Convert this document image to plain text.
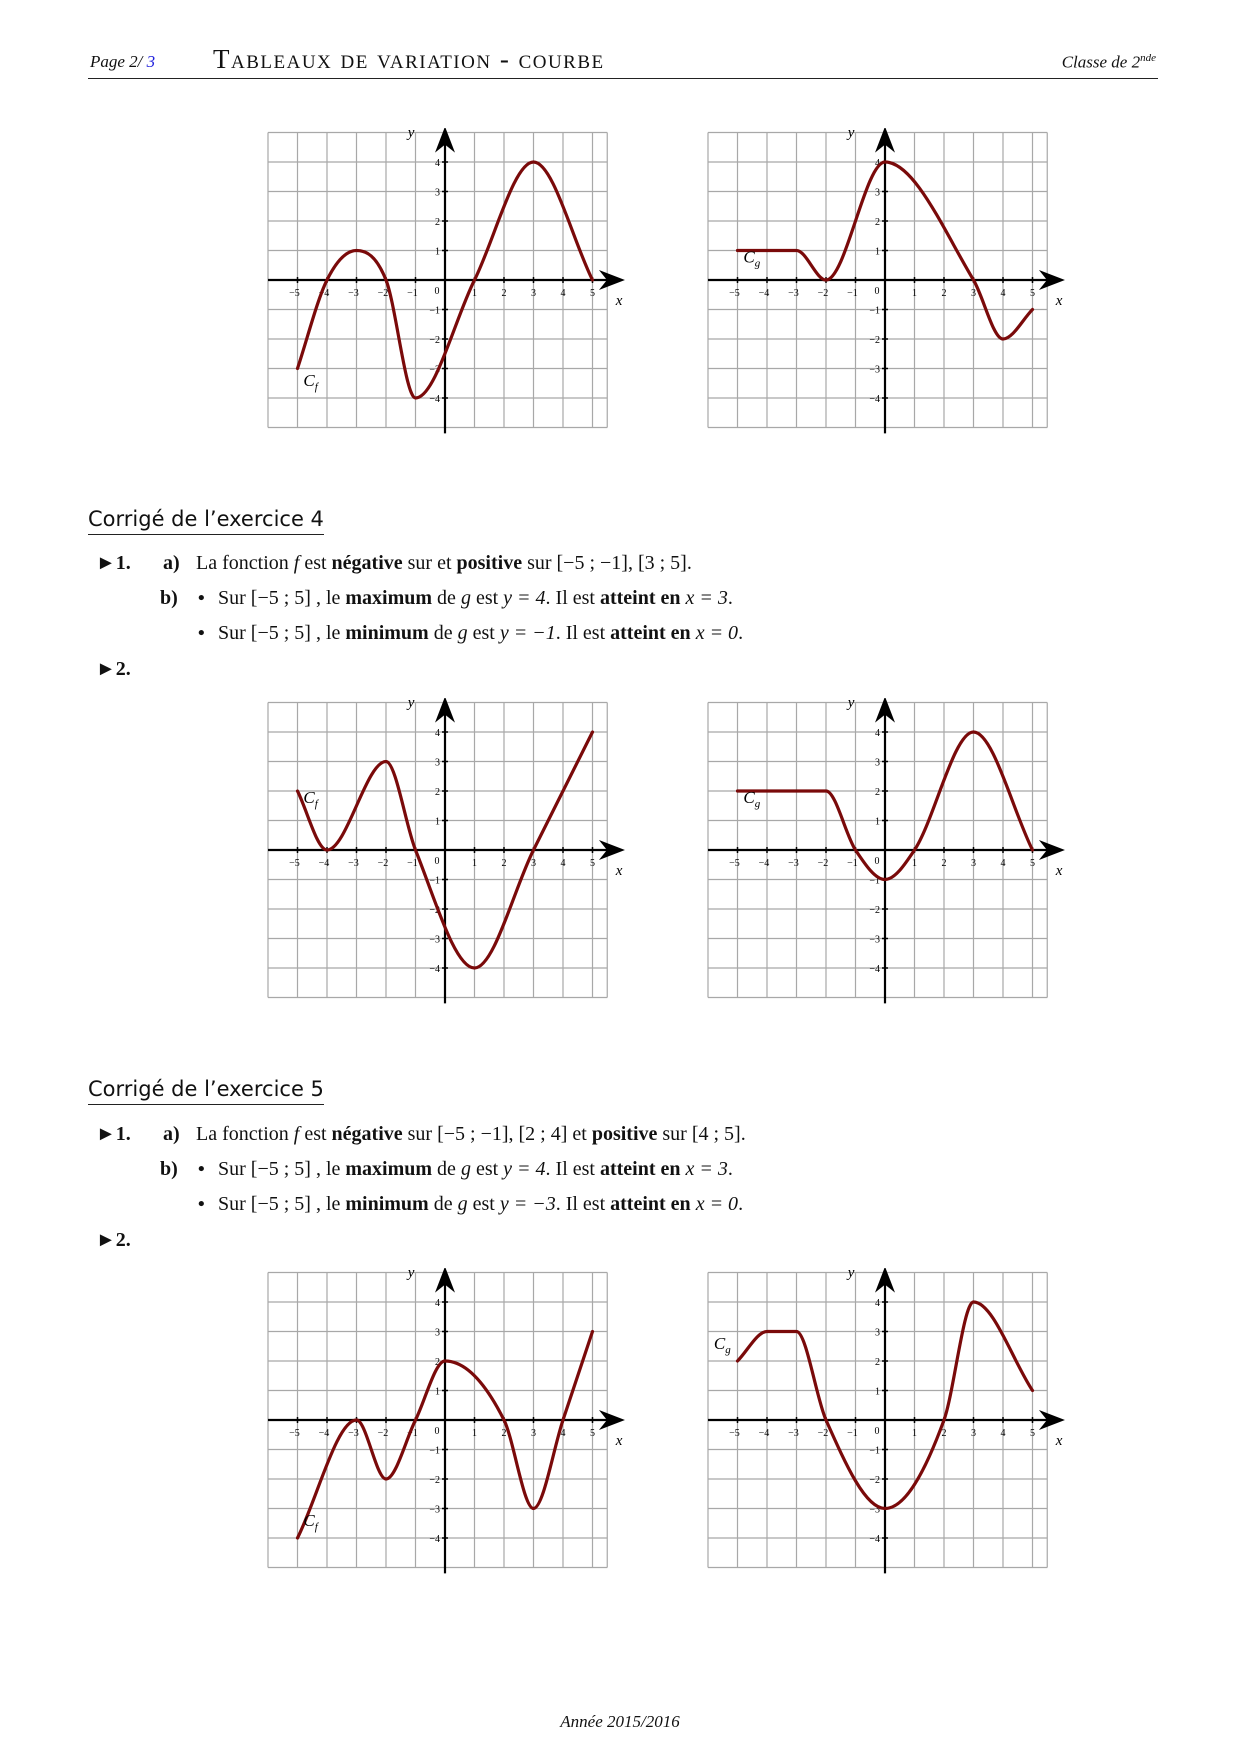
Page 2/ 3 Tableaux de variation - courbe	Classe de 2nde
−5 −4 −3 −2 −1	1 2 3 4 5
−4
−3
−2
−1
1
2
3
4
0
x
y
$C_f$
−5 −4 −3 −2 −1	1 2 3 4 5
−4
−3
−2
−1
1
2
3
4
0
x
y
$C_g$
Corrigé de l’exercice 4
►1. a) La fonction f est négative sur et positive sur [−5 ; −1], [3 ; 5].
b) • Sur [−5 ; 5] , le maximum de g est y = 4. Il est atteint en x = 3.
• Sur [−5 ; 5] , le minimum de g est y = −1. Il est atteint en x = 0.
►2.
−5 −4 −3 −2 −1	1 2 3 4 5
−4
−3
−2
−1
1
2
3
4
0
x
y
$C_f$
−5 −4 −3 −2 −1	1 2 3 4 5
−4
−3
−2
−1
1
2
3
4
0
x
y
$C_g$
Corrigé de l’exercice 5
►1. a) La fonction f est négative sur [−5 ; −1], [2 ; 4] et positive sur [4 ; 5].
b) • Sur [−5 ; 5] , le maximum de g est y = 4. Il est atteint en x = 3.
• Sur [−5 ; 5] , le minimum de g est y = −3. Il est atteint en x = 0.
►2.
−5 −4 −3 −2 −1	1 2 3 4 5
−4
−3
−2
−1
1
2
3
4
0
x
y
$C_f$
−5 −4 −3 −2 −1	1 2 3 4 5
−4
−3
−2
−1
1
2
3
4
0
x
y
$C_g$
Année 2015/2016
